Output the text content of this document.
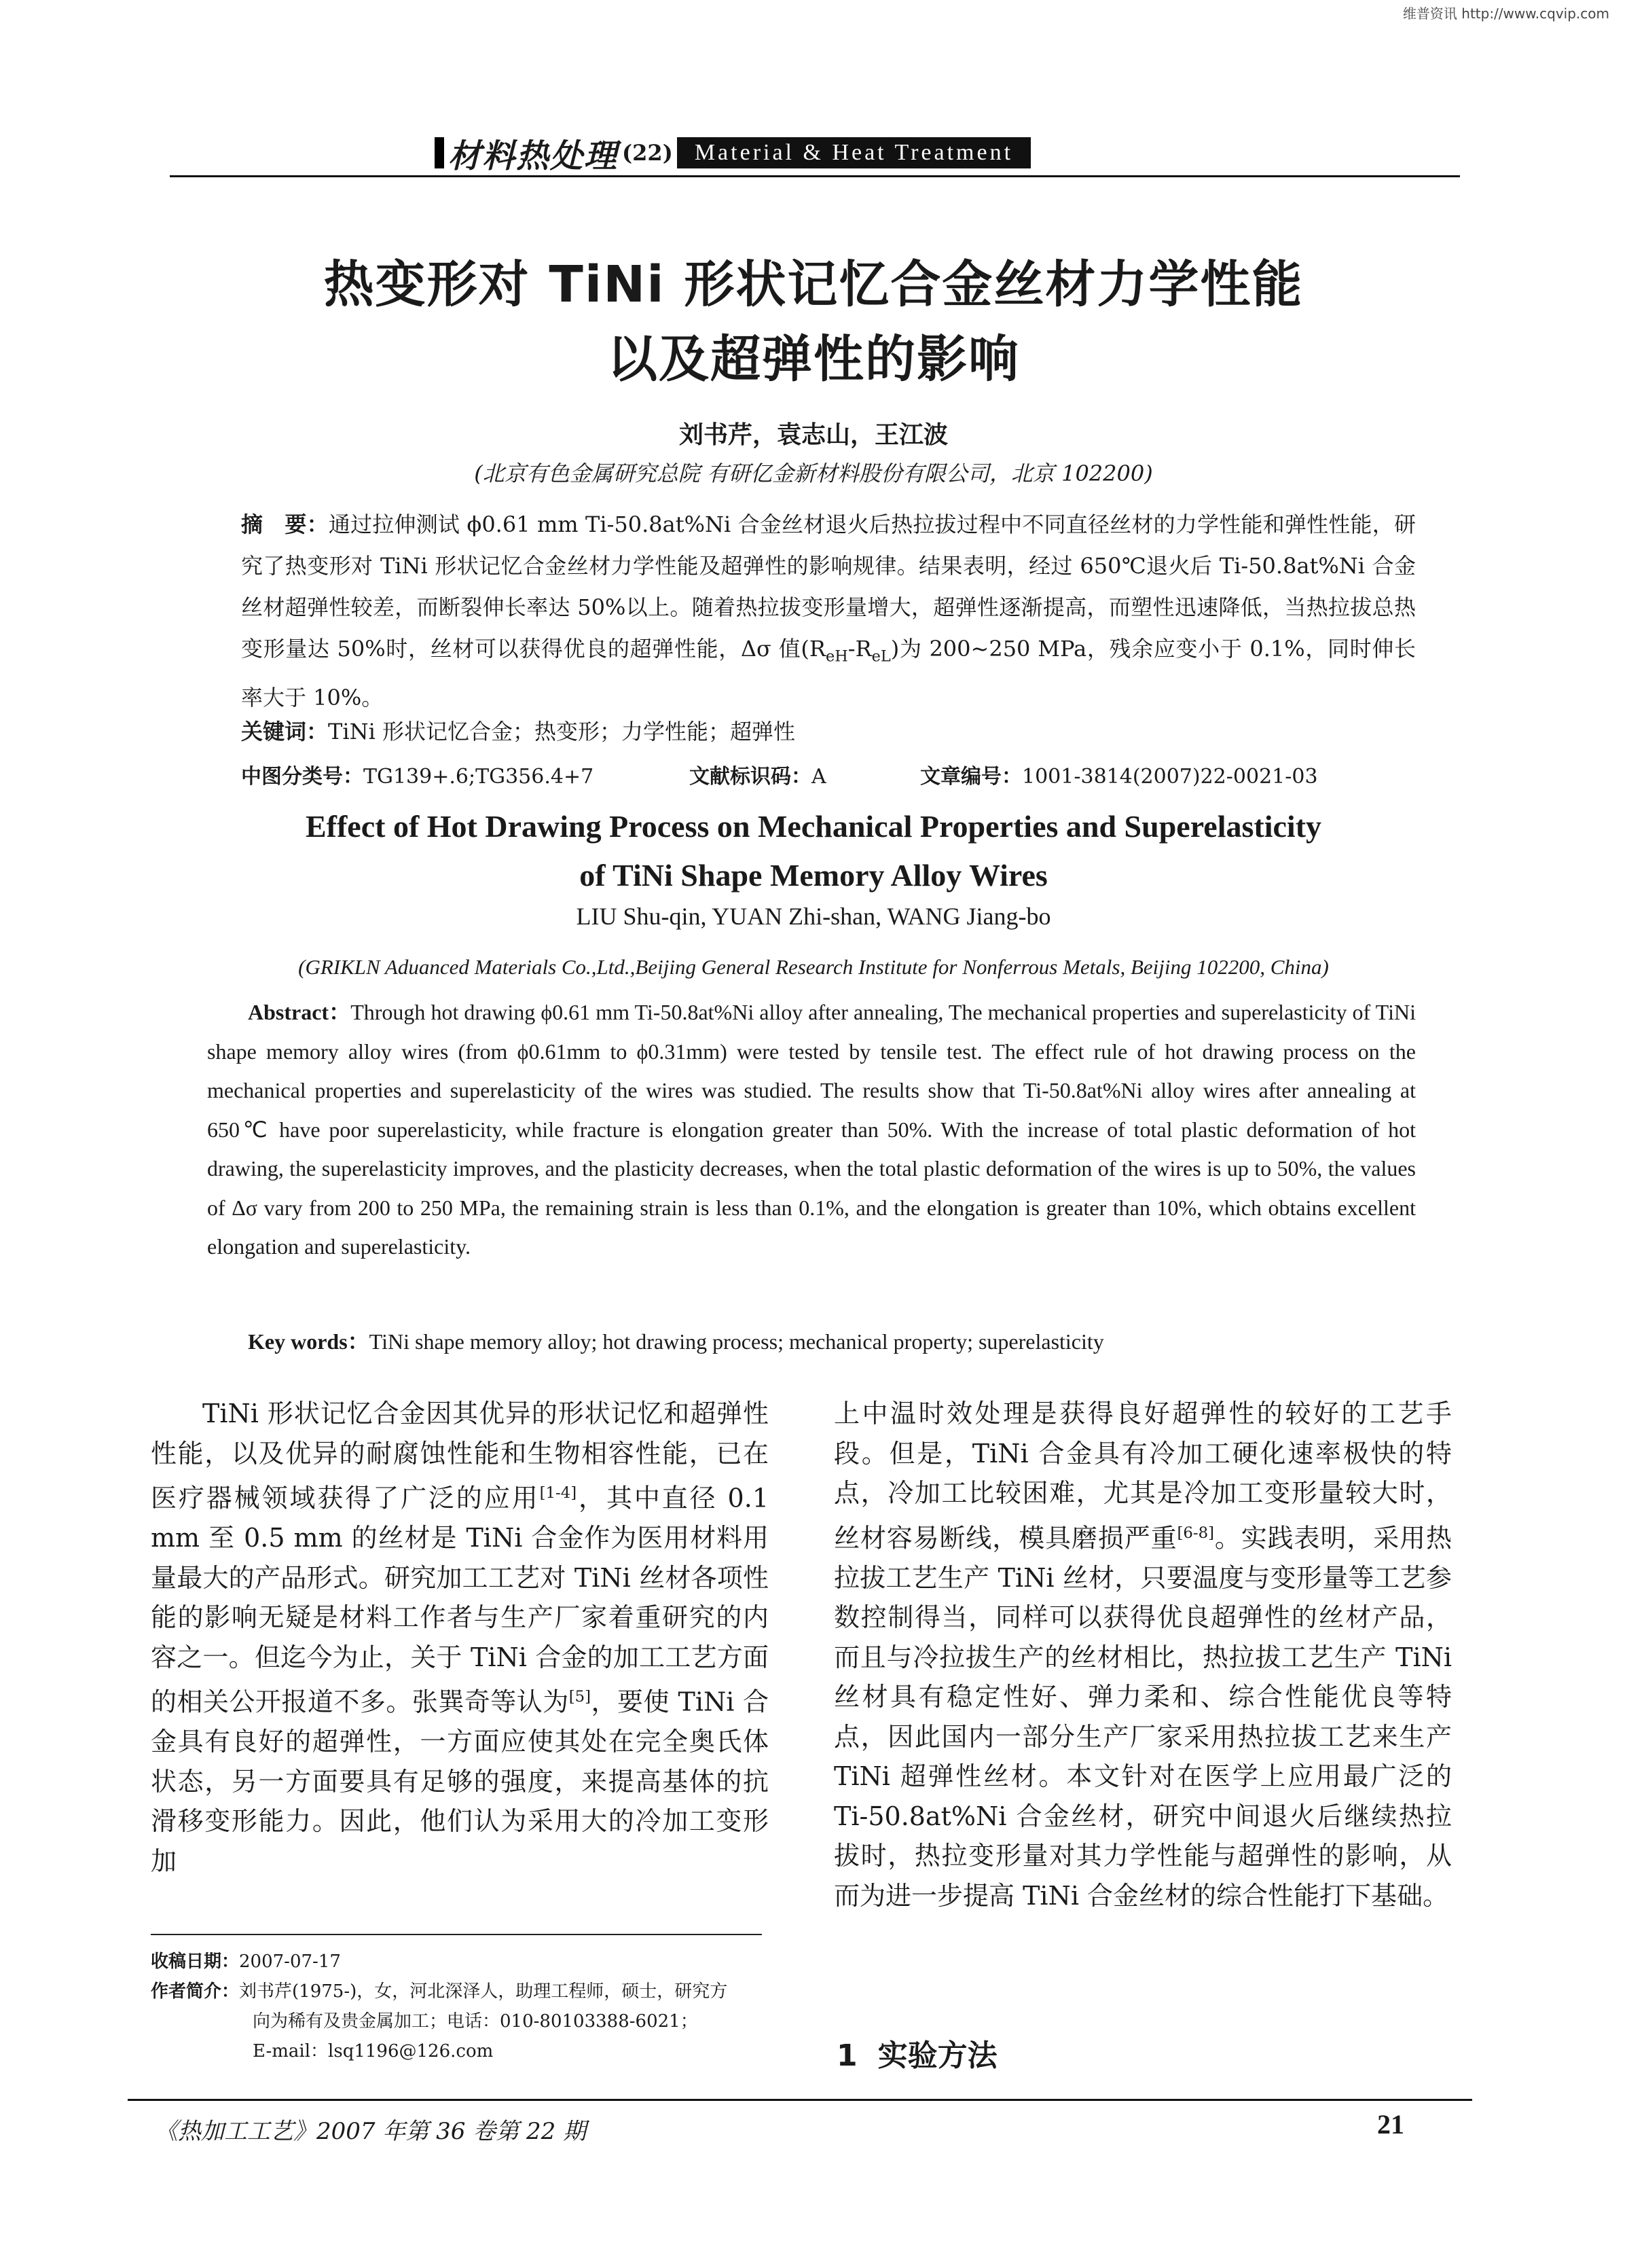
维普资讯 http://www.cqvip.com
材料热处理 (22) Material & Heat Treatment
热变形对 TiNi 形状记忆合金丝材力学性能
以及超弹性的影响
刘书芹，袁志山，王江波
(北京有色金属研究总院 有研亿金新材料股份有限公司，北京 102200)
摘　要：通过拉伸测试 ϕ0.61 mm Ti-50.8at%Ni 合金丝材退火后热拉拔过程中不同直径丝材的力学性能和弹性性能，研究了热变形对 TiNi 形状记忆合金丝材力学性能及超弹性的影响规律。结果表明，经过 650℃退火后 Ti-50.8at%Ni 合金丝材超弹性较差，而断裂伸长率达 50%以上。随着热拉拔变形量增大，超弹性逐渐提高，而塑性迅速降低，当热拉拔总热变形量达 50%时，丝材可以获得优良的超弹性能，Δσ 值$(R_{eH}-R_{eL})$为 200~250 MPa，残余应变小于 0.1%，同时伸长率大于 10%。
关键词：TiNi 形状记忆合金；热变形；力学性能；超弹性
中图分类号：TG139+.6;TG356.4+7	文献标识码：A	文章编号：1001-3814(2007)22-0021-03
Effect of Hot Drawing Process on Mechanical Properties and Superelasticity
of TiNi Shape Memory Alloy Wires
LIU Shu-qin, YUAN Zhi-shan, WANG Jiang-bo
(GRIKLN Aduanced Materials Co.,Ltd.,Beijing General Research Institute for Nonferrous Metals, Beijing 102200, China)
Abstract：Through hot drawing ϕ0.61 mm Ti-50.8at%Ni alloy after annealing, The mechanical properties and superelasticity of TiNi shape memory alloy wires (from ϕ0.61mm to ϕ0.31mm) were tested by tensile test. The effect rule of hot drawing process on the mechanical properties and superelasticity of the wires was studied. The results show that Ti-50.8at%Ni alloy wires after annealing at 650℃ have poor superelasticity, while fracture is elongation greater than 50%. With the increase of total plastic deformation of hot drawing, the superelasticity improves, and the plasticity decreases, when the total plastic deformation of the wires is up to 50%, the values of Δσ vary from 200 to 250 MPa, the remaining strain is less than 0.1%, and the elongation is greater than 10%, which obtains excellent elongation and superelasticity.
Key words：TiNi shape memory alloy; hot drawing process; mechanical property; superelasticity

TiNi 形状记忆合金因其优异的形状记忆和超弹性性能，以及优异的耐腐蚀性能和生物相容性能，已在医疗器械领域获得了广泛的应用[1-4]，其中直径 0.1 mm 至 0.5 mm 的丝材是 TiNi 合金作为医用材料用量最大的产品形式。研究加工工艺对 TiNi 丝材各项性能的影响无疑是材料工作者与生产厂家着重研究的内容之一。但迄今为止，关于 TiNi 合金的加工工艺方面的相关公开报道不多。张巽奇等认为[5]，要使 TiNi 合金具有良好的超弹性，一方面应使其处在完全奥氏体状态，另一方面要具有足够的强度，来提高基体的抗滑移变形能力。因此，他们认为采用大的冷加工变形加

上中温时效处理是获得良好超弹性的较好的工艺手段。但是，TiNi 合金具有冷加工硬化速率极快的特点，冷加工比较困难，尤其是冷加工变形量较大时，丝材容易断线，模具磨损严重[6-8]。实践表明，采用热拉拔工艺生产 TiNi 丝材，只要温度与变形量等工艺参数控制得当，同样可以获得优良超弹性的丝材产品，而且与冷拉拔生产的丝材相比，热拉拔工艺生产 TiNi 丝材具有稳定性好、弹力柔和、综合性能优良等特点，因此国内一部分生产厂家采用热拉拔工艺来生产 TiNi 超弹性丝材。本文针对在医学上应用最广泛的 Ti-50.8at%Ni 合金丝材，研究中间退火后继续热拉拔时，热拉变形量对其力学性能与超弹性的影响，从而为进一步提高 TiNi 合金丝材的综合性能打下基础。

收稿日期：2007-07-17
作者简介：刘书芹(1975-)，女，河北深泽人，助理工程师，硕士，研究方
向为稀有及贵金属加工；电话：010-80103388-6021；
E-mail：lsq1196@126.com	1 实验方法
《热加工工艺》2007 年第 36 卷第 22 期	21
